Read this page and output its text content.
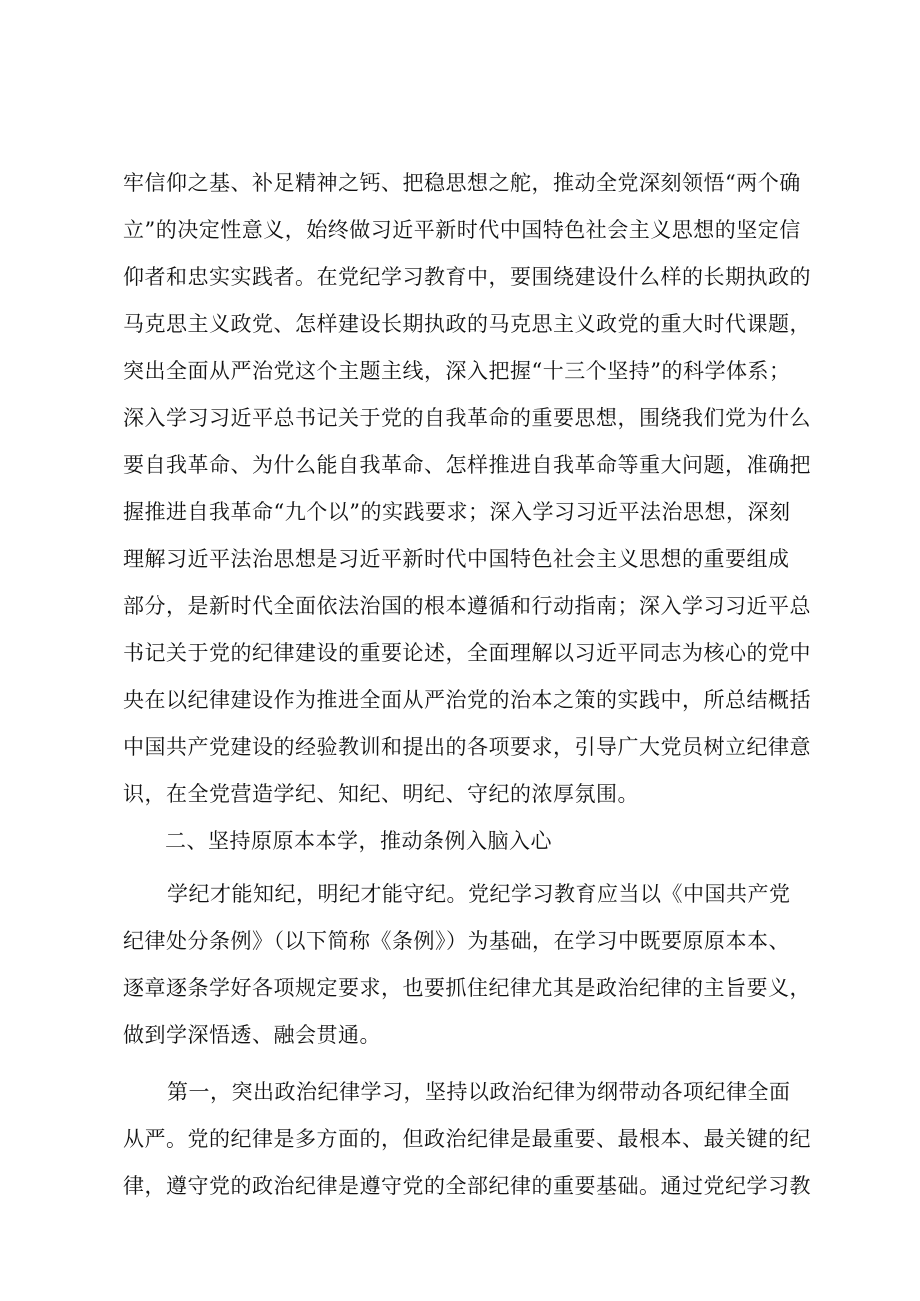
牢信仰之基、补足精神之钙、把稳思想之舵，推动全党深刻领悟“两个确
立”的决定性意义，始终做习近平新时代中国特色社会主义思想的坚定信
仰者和忠实实践者。在党纪学习教育中，要围绕建设什么样的长期执政的
马克思主义政党、怎样建设长期执政的马克思主义政党的重大时代课题，
突出全面从严治党这个主题主线，深入把握“十三个坚持”的科学体系；
深入学习习近平总书记关于党的自我革命的重要思想，围绕我们党为什么
要自我革命、为什么能自我革命、怎样推进自我革命等重大问题，准确把
握推进自我革命“九个以”的实践要求；深入学习习近平法治思想，深刻
理解习近平法治思想是习近平新时代中国特色社会主义思想的重要组成
部分，是新时代全面依法治国的根本遵循和行动指南；深入学习习近平总
书记关于党的纪律建设的重要论述，全面理解以习近平同志为核心的党中
央在以纪律建设作为推进全面从严治党的治本之策的实践中，所总结概括
中国共产党建设的经验教训和提出的各项要求，引导广大党员树立纪律意
识，在全党营造学纪、知纪、明纪、守纪的浓厚氛围。
二、坚持原原本本学，推动条例入脑入心
学纪才能知纪，明纪才能守纪。党纪学习教育应当以《中国共产党
纪律处分条例》（以下简称《条例》）为基础，在学习中既要原原本本、
逐章逐条学好各项规定要求，也要抓住纪律尤其是政治纪律的主旨要义，
做到学深悟透、融会贯通。
第一，突出政治纪律学习，坚持以政治纪律为纲带动各项纪律全面
从严。党的纪律是多方面的，但政治纪律是最重要、最根本、最关键的纪
律，遵守党的政治纪律是遵守党的全部纪律的重要基础。通过党纪学习教
